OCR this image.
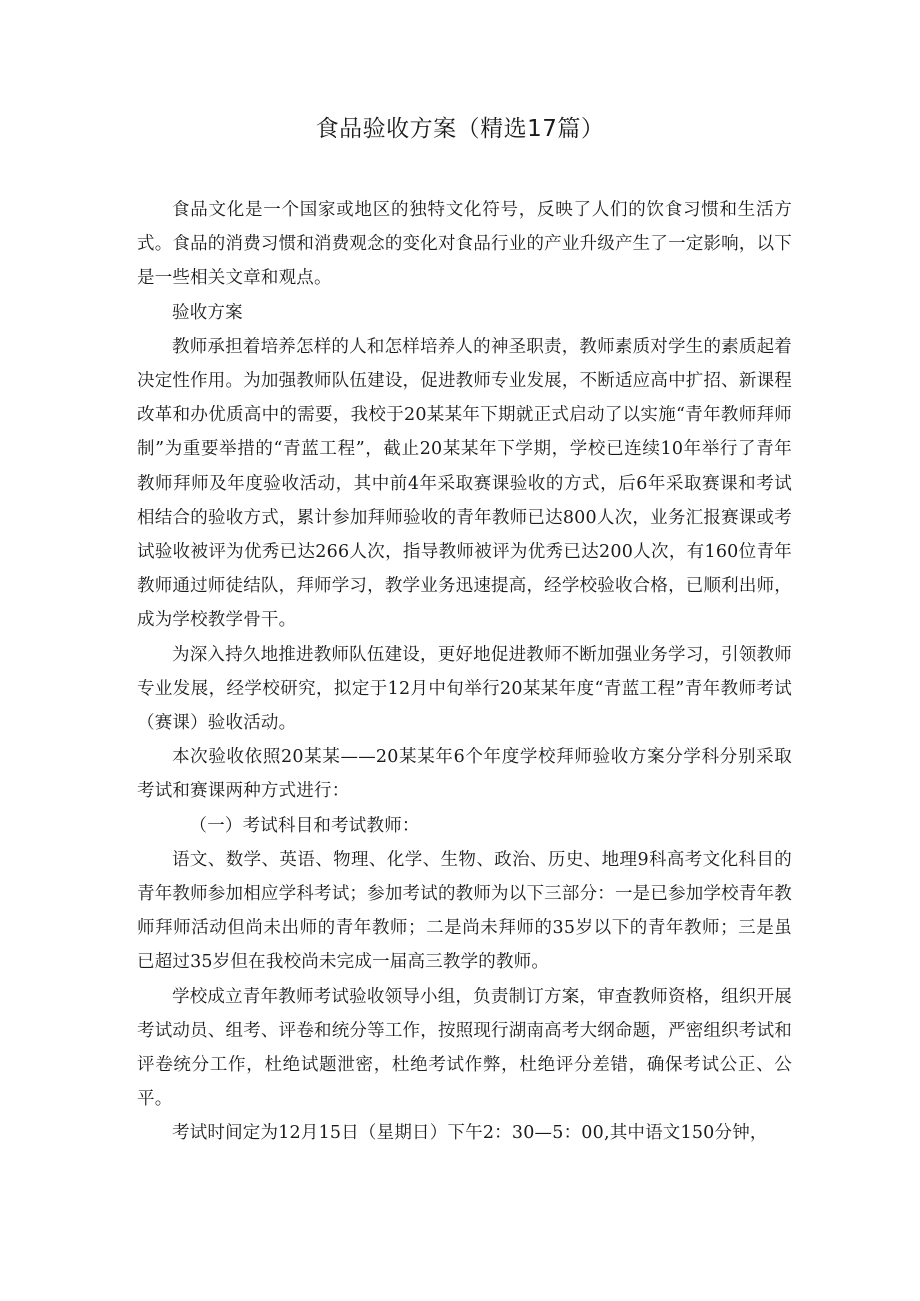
食品验收方案（精选17篇）

食品文化是一个国家或地区的独特文化符号，反映了人们的饮食习惯和生活方式。食品的消费习惯和消费观念的变化对食品行业的产业升级产生了一定影响，以下是一些相关文章和观点。

验收方案

教师承担着培养怎样的人和怎样培养人的神圣职责，教师素质对学生的素质起着决定性作用。为加强教师队伍建设，促进教师专业发展，不断适应高中扩招、新课程改革和办优质高中的需要，我校于20某某年下期就正式启动了以实施“青年教师拜师制”为重要举措的“青蓝工程”，截止20某某年下学期，学校已连续10年举行了青年教师拜师及年度验收活动，其中前4年采取赛课验收的方式，后6年采取赛课和考试相结合的验收方式，累计参加拜师验收的青年教师已达800人次，业务汇报赛课或考试验收被评为优秀已达266人次，指导教师被评为优秀已达200人次，有160位青年教师通过师徒结队，拜师学习，教学业务迅速提高，经学校验收合格，已顺利出师，成为学校教学骨干。

为深入持久地推进教师队伍建设，更好地促进教师不断加强业务学习，引领教师专业发展，经学校研究，拟定于12月中旬举行20某某年度“青蓝工程”青年教师考试（赛课）验收活动。

本次验收依照20某某——20某某年6个年度学校拜师验收方案分学科分别采取考试和赛课两种方式进行：

（一）考试科目和考试教师：

语文、数学、英语、物理、化学、生物、政治、历史、地理9科高考文化科目的青年教师参加相应学科考试；参加考试的教师为以下三部分：一是已参加学校青年教师拜师活动但尚未出师的青年教师；二是尚未拜师的35岁以下的青年教师；三是虽已超过35岁但在我校尚未完成一届高三教学的教师。

学校成立青年教师考试验收领导小组，负责制订方案，审查教师资格，组织开展考试动员、组考、评卷和统分等工作，按照现行湖南高考大纲命题，严密组织考试和评卷统分工作，杜绝试题泄密，杜绝考试作弊，杜绝评分差错，确保考试公正、公平。

考试时间定为12月15日（星期日）下午2：30—5：00,其中语文150分钟，
